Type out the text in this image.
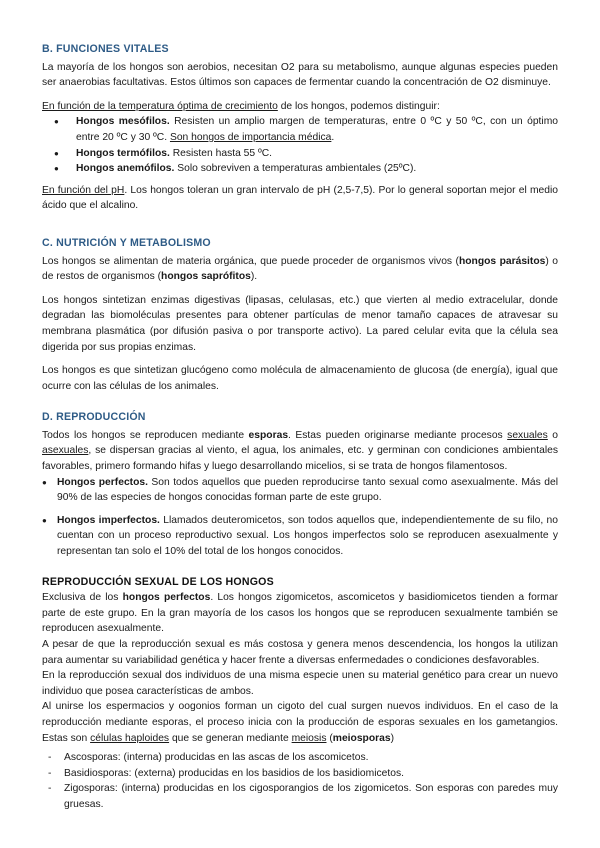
B. FUNCIONES VITALES

La mayoría de los hongos son aerobios, necesitan O2 para su metabolismo, aunque algunas especies pueden ser anaerobias facultativas. Estos últimos son capaces de fermentar cuando la concentración de O2 disminuye.

En función de la temperatura óptima de crecimiento de los hongos, podemos distinguir:
● Hongos mesófilos. Resisten un amplio margen de temperaturas, entre 0 ºC y 50 ºC, con un óptimo entre 20 ºC y 30 ºC. Son hongos de importancia médica.
● Hongos termófilos. Resisten hasta 55 ºC.
● Hongos anemófilos. Solo sobreviven a temperaturas ambientales (25ºC).

En función del pH. Los hongos toleran un gran intervalo de pH (2,5-7,5). Por lo general soportan mejor el medio ácido que el alcalino.

C. NUTRICIÓN Y METABOLISMO

Los hongos se alimentan de materia orgánica, que puede proceder de organismos vivos (hongos parásitos) o de restos de organismos (hongos saprófitos).

Los hongos sintetizan enzimas digestivas (lipasas, celulasas, etc.) que vierten al medio extracelular, donde degradan las biomoléculas presentes para obtener partículas de menor tamaño capaces de atravesar su membrana plasmática (por difusión pasiva o por transporte activo). La pared celular evita que la célula sea digerida por sus propias enzimas.

Los hongos es que sintetizan glucógeno como molécula de almacenamiento de glucosa (de energía), igual que ocurre con las células de los animales.

D. REPRODUCCIÓN

Todos los hongos se reproducen mediante esporas. Estas pueden originarse mediante procesos sexuales o asexuales, se dispersan gracias al viento, el agua, los animales, etc. y germinan con condiciones ambientales favorables, primero formando hifas y luego desarrollando micelios, si se trata de hongos filamentosos.

● Hongos perfectos. Son todos aquellos que pueden reproducirse tanto sexual como asexualmente. Más del 90% de las especies de hongos conocidas forman parte de este grupo.
● Hongos imperfectos. Llamados deuteromicetos, son todos aquellos que, independientemente de su filo, no cuentan con un proceso reproductivo sexual. Los hongos imperfectos solo se reproducen asexualmente y representan tan solo el 10% del total de los hongos conocidos.
REPRODUCCIÓN SEXUAL DE LOS HONGOS

Exclusiva de los hongos perfectos. Los hongos zigomicetos, ascomicetos y basidiomicetos tienden a formar parte de este grupo. En la gran mayoría de los casos los hongos que se reproducen sexualmente también se reproducen asexualmente.

A pesar de que la reproducción sexual es más costosa y genera menos descendencia, los hongos la utilizan para aumentar su variabilidad genética y hacer frente a diversas enfermedades o condiciones desfavorables.

En la reproducción sexual dos individuos de una misma especie unen su material genético para crear un nuevo individuo que posea características de ambos.

Al unirse los espermacios y oogonios forman un cigoto del cual surgen nuevos individuos. En el caso de la reproducción mediante esporas, el proceso inicia con la producción de esporas sexuales en los gametangios. Estas son células haploides que se generan mediante meiosis (meiosporas)

- Ascosporas: (interna) producidas en las ascas de los ascomicetos.
- Basidiosporas: (externa) producidas en los basidios de los basidiomicetos.
- Zigosporas: (interna) producidas en los cigosporangios de los zigomicetos. Son esporas con paredes muy gruesas.
